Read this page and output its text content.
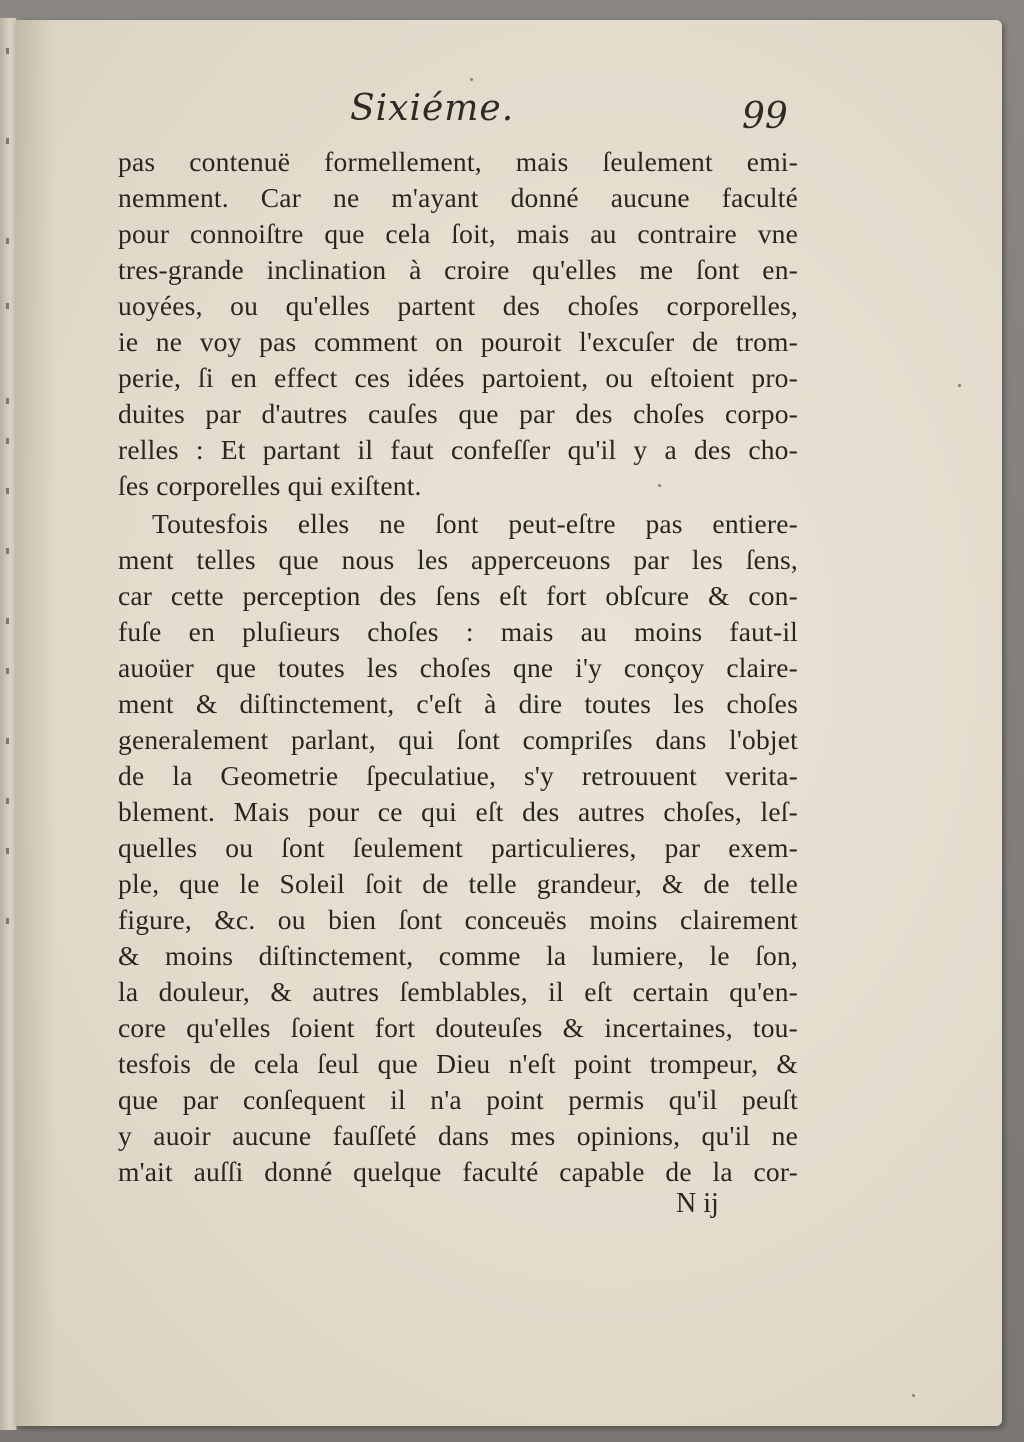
Sixiéme.	99
pas contenuë formellement, mais ſeulement emi-
nemment. Car ne m'ayant donné aucune faculté
pour connoiſtre que cela ſoit, mais au contraire vne
tres-grande inclination à croire qu'elles me ſont en-
uoyées, ou qu'elles partent des choſes corporelles,
ie ne voy pas comment on pouroit l'excuſer de trom-
perie, ſi en effect ces idées partoient, ou eſtoient pro-
duites par d'autres cauſes que par des choſes corpo-
relles : Et partant il faut confeſſer qu'il y a des cho-
ſes corporelles qui exiſtent.
Toutesfois elles ne ſont peut-eſtre pas entiere-
ment telles que nous les apperceuons par les ſens,
car cette perception des ſens eſt fort obſcure & con-
fuſe en pluſieurs choſes : mais au moins faut-il
auoüer que toutes les choſes qne i'y conçoy claire-
ment & diſtinctement, c'eſt à dire toutes les choſes
generalement parlant, qui ſont compriſes dans l'objet
de la Geometrie ſpeculatiue, s'y retrouuent verita-
blement. Mais pour ce qui eſt des autres choſes, leſ-
quelles ou ſont ſeulement particulieres, par exem-
ple, que le Soleil ſoit de telle grandeur, & de telle
figure, &c. ou bien ſont conceuës moins clairement
& moins diſtinctement, comme la lumiere, le ſon,
la douleur, & autres ſemblables, il eſt certain qu'en-
core qu'elles ſoient fort douteuſes & incertaines, tou-
tesfois de cela ſeul que Dieu n'eſt point trompeur, &
que par conſequent il n'a point permis qu'il peuſt
y auoir aucune fauſſeté dans mes opinions, qu'il ne
m'ait auſſi donné quelque faculté capable de la cor-
N ij
